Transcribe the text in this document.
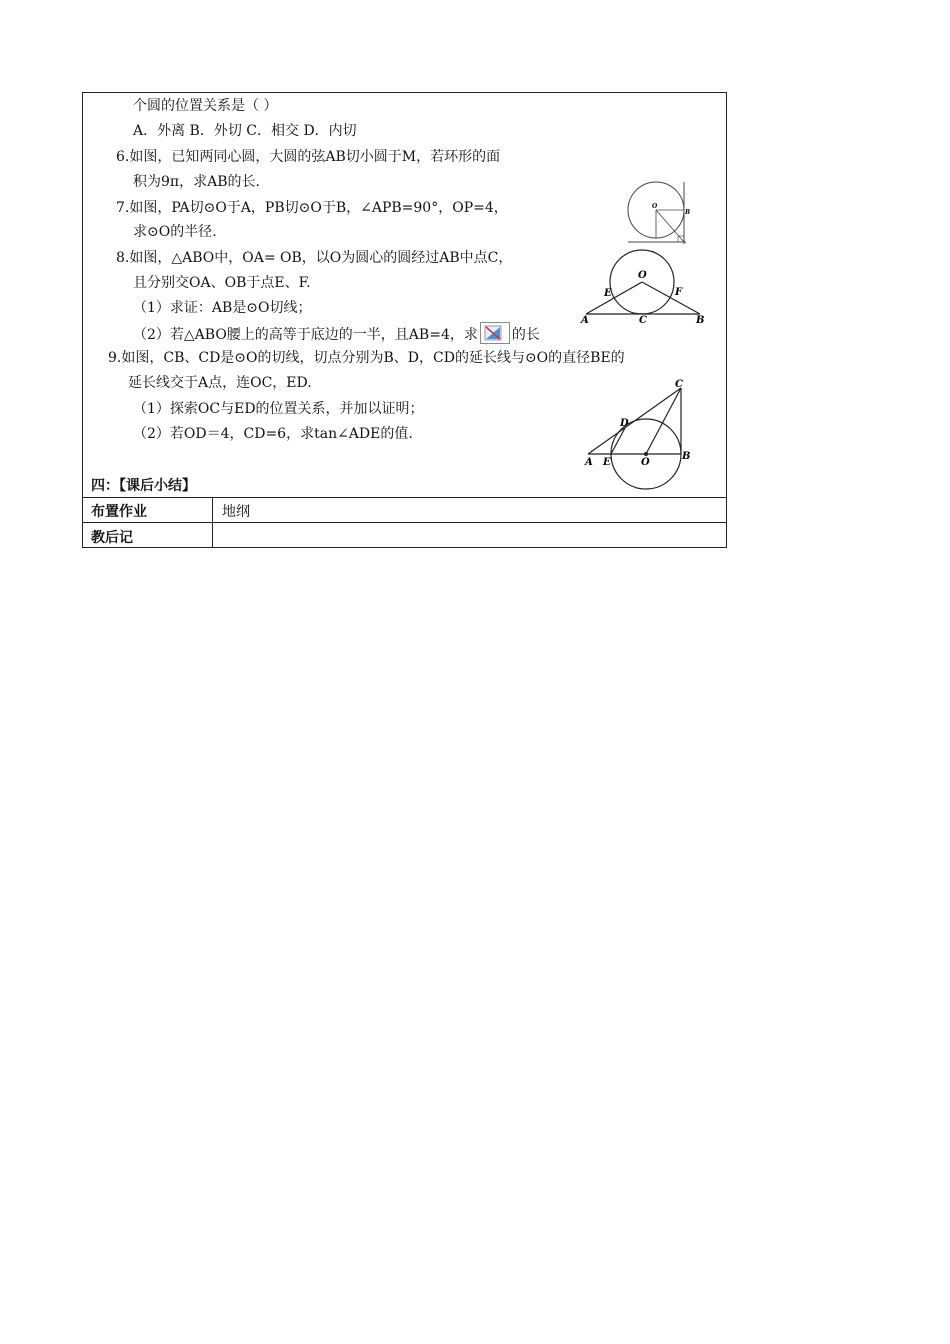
个圆的位置关系是（ ）
A．外离 B．外切 C．相交 D．内切
6.如图，已知两同心圆，大圆的弦AB切小圆于M，若环形的面
积为9π，求AB的长.
7.如图，PA切⊙O于A，PB切⊙O于B，∠APB=90°，OP=4，
求⊙O的半径.
8.如图，△ABO中，OA= OB，以O为圆心的圆经过AB中点C，
且分别交OA、OB于点E、F.
（1）求证：AB是⊙O切线；
（2）若△ABO腰上的高等于底边的一半，且AB=4，求 的长
9.如图，CB、CD是⊙O的切线，切点分别为B、D，CD的延长线与⊙O的直径BE的
延长线交于A点，连OC，ED.
（1）探索OC与ED的位置关系，并加以证明；
（2）若OD＝4，CD=6，求tan∠ADE的值.
O
B
O
E	F
A	C	B
C
D
A E	O
B
四：【课后小结】
布置作业	地纲
教后记
